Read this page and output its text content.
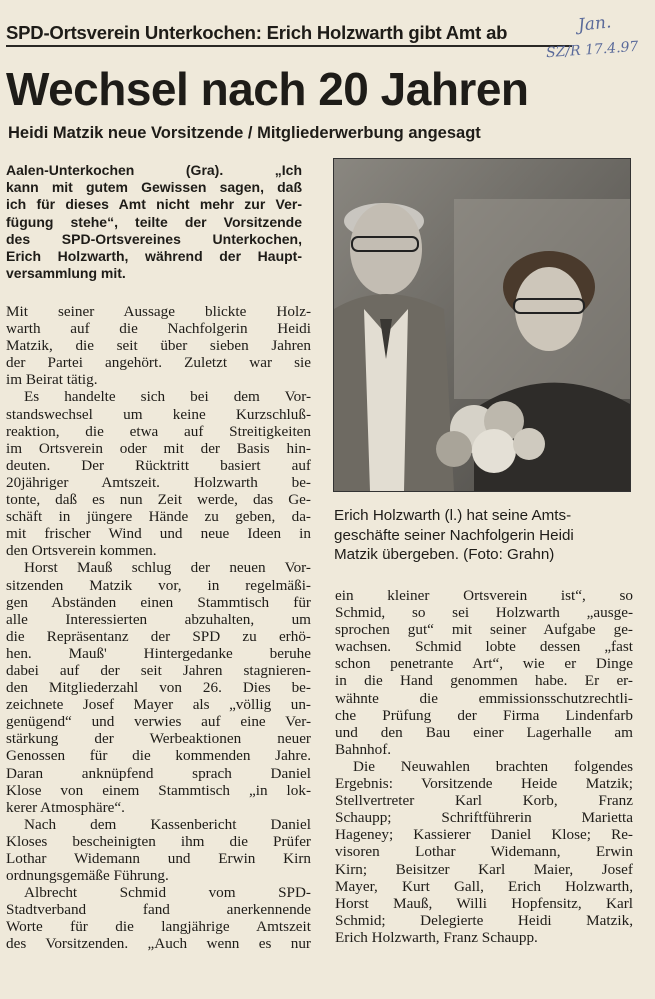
SPD-Ortsverein Unterkochen: Erich Holzwarth gibt Amt ab	Jan.
SZ/R 17.4.97
Wechsel nach 20 Jahren
Heidi Matzik neue Vorsitzende / Mitgliederwerbung angesagt

Aalen-Unterkochen (Gra). „Ich

kann mit gutem Gewissen sagen, daß

ich für dieses Amt nicht mehr zur Ver-

fügung stehe“, teilte der Vorsitzende

des SPD-Ortsvereines Unterkochen,

Erich Holzwarth, während der Haupt-

versammlung mit.

Mit seiner Aussage blickte Holz-

warth auf die Nachfolgerin Heidi

Matzik, die seit über sieben Jahren

der Partei angehört. Zuletzt war sie

im Beirat tätig.

Es handelte sich bei dem Vor-

standswechsel um keine Kurzschluß-

reaktion, die etwa auf Streitigkeiten

im Ortsverein oder mit der Basis hin-

deuten. Der Rücktritt basiert auf

20jähriger Amtszeit. Holzwarth be-

tonte, daß es nun Zeit werde, das Ge-

schäft in jüngere Hände zu geben, da-

mit frischer Wind und neue Ideen in

den Ortsverein kommen.

Horst Mauß schlug der neuen Vor-

sitzenden Matzik vor, in regelmäßi-

gen Abständen einen Stammtisch für

alle Interessierten abzuhalten, um

die Repräsentanz der SPD zu erhö-

hen. Mauß' Hintergedanke beruhe

dabei auf der seit Jahren stagnieren-

den Mitgliederzahl von 26. Dies be-

zeichnete Josef Mayer als „völlig un-

genügend“ und verwies auf eine Ver-

stärkung der Werbeaktionen neuer

Genossen für die kommenden Jahre.

Daran anknüpfend sprach Daniel

Klose von einem Stammtisch „in lok-

kerer Atmosphäre“.

Nach dem Kassenbericht Daniel

Kloses bescheinigten ihm die Prüfer

Lothar Widemann und Erwin Kirn

ordnungsgemäße Führung.

Albrecht Schmid vom SPD-

Stadtverband fand anerkennende

Worte für die langjährige Amtszeit

des Vorsitzenden. „Auch wenn es nur

Erich Holzwarth (l.) hat seine Amts-
geschäfte seiner Nachfolgerin Heidi
Matzik übergeben. (Foto: Grahn)

ein kleiner Ortsverein ist“, so

Schmid, so sei Holzwarth „ausge-

sprochen gut“ mit seiner Aufgabe ge-

wachsen. Schmid lobte dessen „fast

schon penetrante Art“, wie er Dinge

in die Hand genommen habe. Er er-

wähnte die emmissionsschutzrechtli-

che Prüfung der Firma Lindenfarb

und den Bau einer Lagerhalle am

Bahnhof.

Die Neuwahlen brachten folgendes

Ergebnis: Vorsitzende Heide Matzik;

Stellvertreter Karl Korb, Franz

Schaupp; Schriftführerin Marietta

Hageney; Kassierer Daniel Klose; Re-

visoren Lothar Widemann, Erwin

Kirn; Beisitzer Karl Maier, Josef

Mayer, Kurt Gall, Erich Holzwarth,

Horst Mauß, Willi Hopfensitz, Karl

Schmid; Delegierte Heidi Matzik,

Erich Holzwarth, Franz Schaupp.
